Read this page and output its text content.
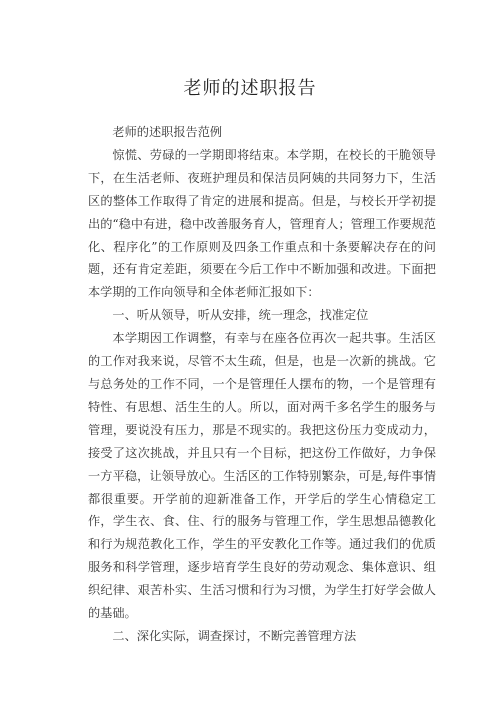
老师的述职报告

老师的述职报告范例

惊慌、劳碌的一学期即将结束。本学期，在校长的干脆领导下，在生活老师、夜班护理员和保洁员阿姨的共同努力下，生活区的整体工作取得了肯定的进展和提高。但是，与校长开学初提出的“稳中有进，稳中改善服务育人，管理育人；管理工作要规范化、程序化”的工作原则及四条工作重点和十条要解决存在的问题，还有肯定差距，须要在今后工作中不断加强和改进。下面把本学期的工作向领导和全体老师汇报如下：

一、听从领导，听从安排，统一理念，找准定位

本学期因工作调整，有幸与在座各位再次一起共事。生活区的工作对我来说，尽管不太生疏，但是，也是一次新的挑战。它与总务处的工作不同，一个是管理任人摆布的物，一个是管理有特性、有思想、活生生的人。所以，面对两千多名学生的服务与管理，要说没有压力，那是不现实的。我把这份压力变成动力，接受了这次挑战，并且只有一个目标，把这份工作做好，力争保一方平稳，让领导放心。生活区的工作特别繁杂，可是,每件事情都很重要。开学前的迎新准备工作，开学后的学生心情稳定工作，学生衣、食、住、行的服务与管理工作，学生思想品德教化和行为规范教化工作，学生的平安教化工作等。通过我们的优质服务和科学管理，逐步培育学生良好的劳动观念、集体意识、组织纪律、艰苦朴实、生活习惯和行为习惯，为学生打好学会做人的基础。

二、深化实际，调查探讨，不断完善管理方法
